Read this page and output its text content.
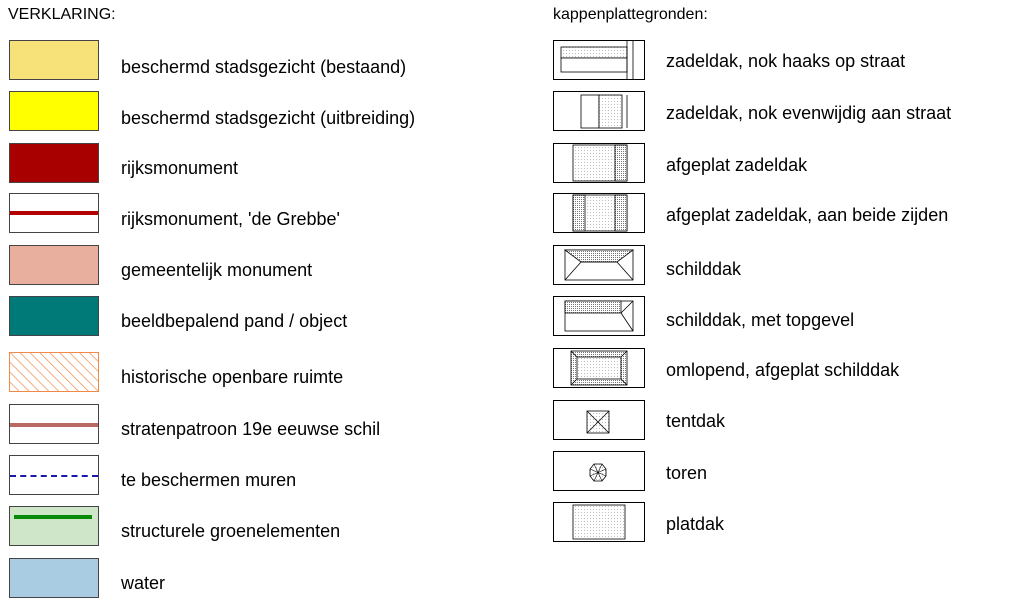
VERKLARING:
beschermd stadsgezicht (bestaand)
beschermd stadsgezicht (uitbreiding)
rijksmonument
rijksmonument, 'de Grebbe'
gemeentelijk monument
beeldbepalend pand / object
historische openbare ruimte
stratenpatroon 19e eeuwse schil
te beschermen muren
structurele groenelementen
water
kappenplattegronden:
zadeldak, nok haaks op straat
zadeldak, nok evenwijdig aan straat
afgeplat zadeldak
afgeplat zadeldak, aan beide zijden
schilddak
schilddak, met topgevel
omlopend, afgeplat schilddak
tentdak
toren
platdak
